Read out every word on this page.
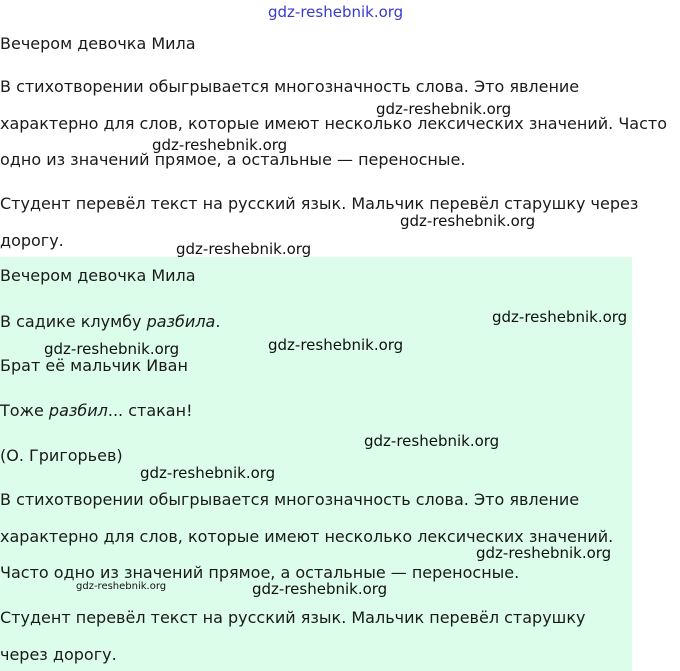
gdz-reshebnik.org
Вечером девочка Мила
В стихотворении обыгрывается многозначность слова. Это явление
характерно для слов, которые имеют несколько лексических значений. Часто
одно из значений прямое, а остальные — переносные.
Студент перевёл текст на русский язык. Мальчик перевёл старушку через
дорогу.
Вечером девочка Мила
В садике клумбу разбила.
Брат её мальчик Иван
Тоже разбил... стакан!
(О. Григорьев)
В стихотворении обыгрывается многозначность слова. Это явление
характерно для слов, которые имеют несколько лексических значений.
Часто одно из значений прямое, а остальные — переносные.
Студент перевёл текст на русский язык. Мальчик перевёл старушку
через дорогу.
gdz-reshebnik.org
gdz-reshebnik.org
gdz-reshebnik.org
gdz-reshebnik.org
gdz-reshebnik.org
gdz-reshebnik.org
gdz-reshebnik.org
gdz-reshebnik.org
gdz-reshebnik.org
gdz-reshebnik.org
gdz-reshebnik.org	gdz-reshebnik.org
